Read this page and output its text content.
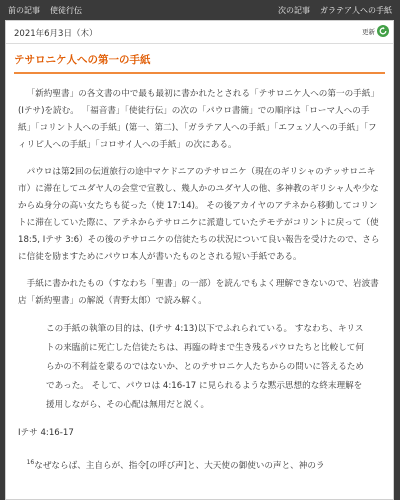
前の記事 使徒行伝	次の記事 ガラテア人への手紙
2021年6月3日（木）	更新
テサロニケ人への第一の手紙

「新約聖書」の各文書の中で最も最初に書かれたとされる「テサロニケ人への第一の手紙」(Iテサ)を読む。 「福音書」「使徒行伝」の次の「パウロ書簡」での順序は「ローマ人への手紙」「コリント人への手紙」(第一、第二)、「ガラテア人への手紙」「エフェソ人への手紙」「フィリピ人への手紙」「コロサイ人への手紙」の次にある。

パウロは第2回の伝道旅行の途中マケドニアのテサロニケ（現在のギリシャのテッサロニキ市）に滞在してユダヤ人の会堂で宣教し、幾人かのユダヤ人の他、多神教のギリシャ人や少なからぬ身分の高い女たちも従った（使 17:14)。 その後アカイヤのアテネから移動してコリントに滞在していた際に、アテネからテサロニケに派遣していたテモテがコリントに戻って（使 18:5, Iテサ 3:6）その後のテサロニケの信徒たちの状況について良い報告を受けたので、さらに信徒を励ますためにパウロ本人が書いたものとされる短い手紙である。

手紙に書かれたもの（すなわち「聖書」の一部）を読んでもよく理解できないので、岩波書店「新約聖書」の解説（青野太郎）で読み解く。

この手紙の執筆の目的は、(Iテサ 4:13)以下でふれられている。 すなわち、キリストの来臨前に死亡した信徒たちは、再臨の時まで生き残るパウロたちと比較して何らかの不利益を蒙るのではないか、とのテサロニケ人たちからの問いに答えるためであった。 そして、パウロは 4:16-17 に見られるような黙示思想的な終末理解を援用しながら、その心配は無用だと説く。
Iテサ 4:16-17
$^{16}$なぜならば、主自らが、指令[の呼び声]と、大天使の御使いの声と、神のラ
